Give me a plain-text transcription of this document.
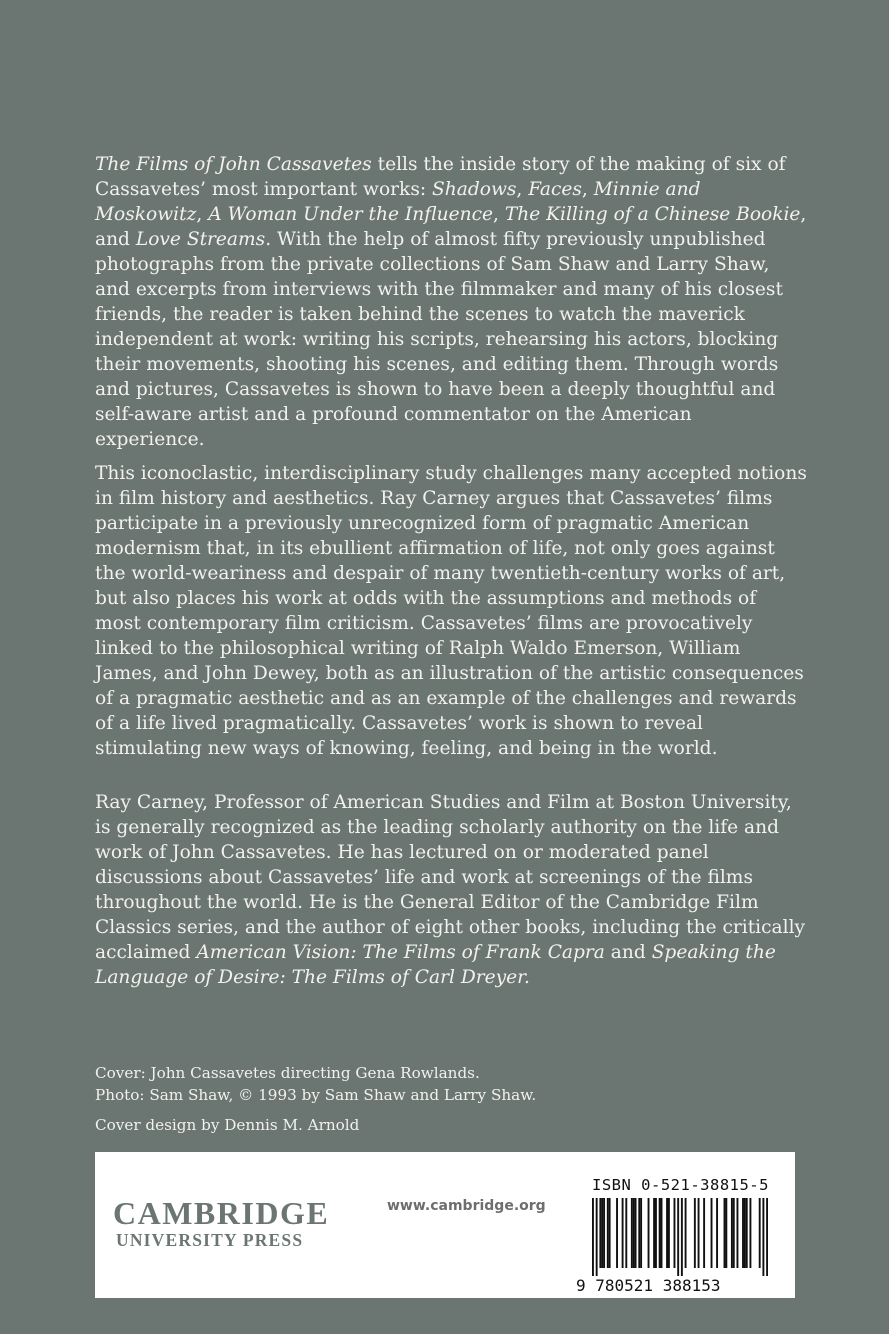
The Films of John Cassavetes tells the inside story of the making of six of Cassavetes’ most important works: Shadows, Faces, Minnie and Moskowitz, A Woman Under the Influence, The Killing of a Chinese Bookie, and Love Streams. With the help of almost fifty previously unpublished photographs from the private collections of Sam Shaw and Larry Shaw, and excerpts from interviews with the filmmaker and many of his closest friends, the reader is taken behind the scenes to watch the maverick independent at work: writing his scripts, rehearsing his actors, blocking their movements, shooting his scenes, and editing them. Through words and pictures, Cassavetes is shown to have been a deeply thoughtful and self-aware artist and a profound commentator on the American experience.

This iconoclastic, interdisciplinary study challenges many accepted notions in film history and aesthetics. Ray Carney argues that Cassavetes’ films participate in a previously unrecognized form of pragmatic American modernism that, in its ebullient affirmation of life, not only goes against the world-weariness and despair of many twentieth-century works of art, but also places his work at odds with the assumptions and methods of most contemporary film criticism. Cassavetes’ films are provocatively linked to the philosophical writing of Ralph Waldo Emerson, William James, and John Dewey, both as an illustration of the artistic consequences of a pragmatic aesthetic and as an example of the challenges and rewards of a life lived pragmatically. Cassavetes’ work is shown to reveal stimulating new ways of knowing, feeling, and being in the world.

Ray Carney, Professor of American Studies and Film at Boston University, is generally recognized as the leading scholarly authority on the life and work of John Cassavetes. He has lectured on or moderated panel discussions about Cassavetes’ life and work at screenings of the films throughout the world. He is the General Editor of the Cambridge Film Classics series, and the author of eight other books, including the critically acclaimed American Vision: The Films of Frank Capra and Speaking the Language of Desire: The Films of Carl Dreyer.

Cover: John Cassavetes directing Gena Rowlands.
Photo: Sam Shaw, © 1993 by Sam Shaw and Larry Shaw.
Cover design by Dennis M. Arnold
CAMBRIDGE
UNIVERSITY PRESS
www.cambridge.org
ISBN 0-521-38815-5
9 780521 388153
